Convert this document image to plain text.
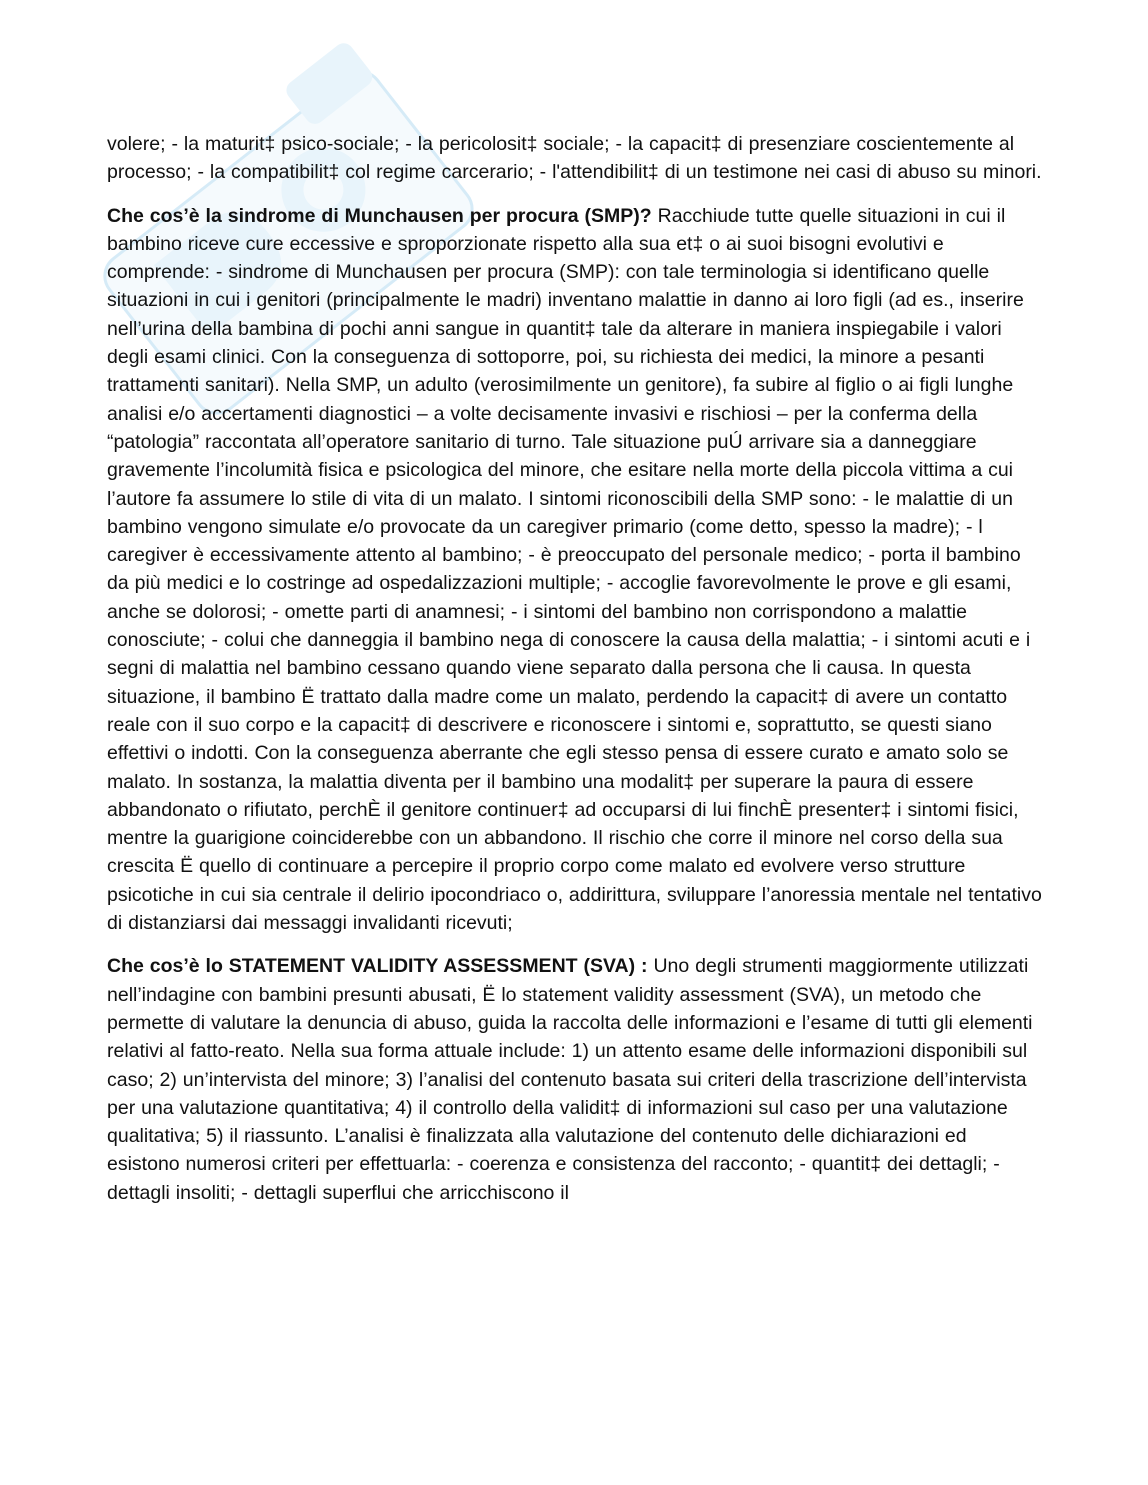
volere; - la maturit‡ psico-sociale; - la pericolosit‡ sociale; - la capacit‡ di presenziare coscientemente al processo; - la compatibilit‡ col regime carcerario; - l'attendibilit‡ di un testimone nei casi di abuso su minori.

Che cos’è la sindrome di Munchausen per procura (SMP)? Racchiude tutte quelle situazioni in cui il bambino riceve cure eccessive e sproporzionate rispetto alla sua et‡ o ai suoi bisogni evolutivi e comprende: - sindrome di Munchausen per procura (SMP): con tale terminologia si identificano quelle situazioni in cui i genitori (principalmente le madri) inventano malattie in danno ai loro figli (ad es., inserire nell’urina della bambina di pochi anni sangue in quantit‡ tale da alterare in maniera inspiegabile i valori degli esami clinici. Con la conseguenza di sottoporre, poi, su richiesta dei medici, la minore a pesanti trattamenti sanitari). Nella SMP, un adulto (verosimilmente un genitore), fa subire al figlio o ai figli lunghe analisi e/o accertamenti diagnostici – a volte decisamente invasivi e rischiosi – per la conferma della “patologia” raccontata all’operatore sanitario di turno. Tale situazione puÚ arrivare sia a danneggiare gravemente l’incolumità fisica e psicologica del minore, che esitare nella morte della piccola vittima a cui l’autore fa assumere lo stile di vita di un malato. I sintomi riconoscibili della SMP sono: - le malattie di un bambino vengono simulate e/o provocate da un caregiver primario (come detto, spesso la madre); - l caregiver è eccessivamente attento al bambino; - è preoccupato del personale medico; - porta il bambino da più medici e lo costringe ad ospedalizzazioni multiple; - accoglie favorevolmente le prove e gli esami, anche se dolorosi; - omette parti di anamnesi; - i sintomi del bambino non corrispondono a malattie conosciute; - colui che danneggia il bambino nega di conoscere la causa della malattia; - i sintomi acuti e i segni di malattia nel bambino cessano quando viene separato dalla persona che li causa. In questa situazione, il bambino Ë trattato dalla madre come un malato, perdendo la capacit‡ di avere un contatto reale con il suo corpo e la capacit‡ di descrivere e riconoscere i sintomi e, soprattutto, se questi siano effettivi o indotti. Con la conseguenza aberrante che egli stesso pensa di essere curato e amato solo se malato. In sostanza, la malattia diventa per il bambino una modalit‡ per superare la paura di essere abbandonato o rifiutato, perchÈ il genitore continuer‡ ad occuparsi di lui finchÈ presenter‡ i sintomi fisici, mentre la guarigione coinciderebbe con un abbandono. Il rischio che corre il minore nel corso della sua crescita Ë quello di continuare a percepire il proprio corpo come malato ed evolvere verso strutture psicotiche in cui sia centrale il delirio ipocondriaco o, addirittura, sviluppare l’anoressia mentale nel tentativo di distanziarsi dai messaggi invalidanti ricevuti;

Che cos’è lo STATEMENT VALIDITY ASSESSMENT (SVA) : Uno degli strumenti maggiormente utilizzati nell’indagine con bambini presunti abusati, Ë lo statement validity assessment (SVA), un metodo che permette di valutare la denuncia di abuso, guida la raccolta delle informazioni e l’esame di tutti gli elementi relativi al fatto-reato. Nella sua forma attuale include: 1) un attento esame delle informazioni disponibili sul caso; 2) un’intervista del minore; 3) l’analisi del contenuto basata sui criteri della trascrizione dell’intervista per una valutazione quantitativa; 4) il controllo della validit‡ di informazioni sul caso per una valutazione qualitativa; 5) il riassunto. L’analisi è finalizzata alla valutazione del contenuto delle dichiarazioni ed esistono numerosi criteri per effettuarla: - coerenza e consistenza del racconto; - quantit‡ dei dettagli; - dettagli insoliti; - dettagli superflui che arricchiscono il
